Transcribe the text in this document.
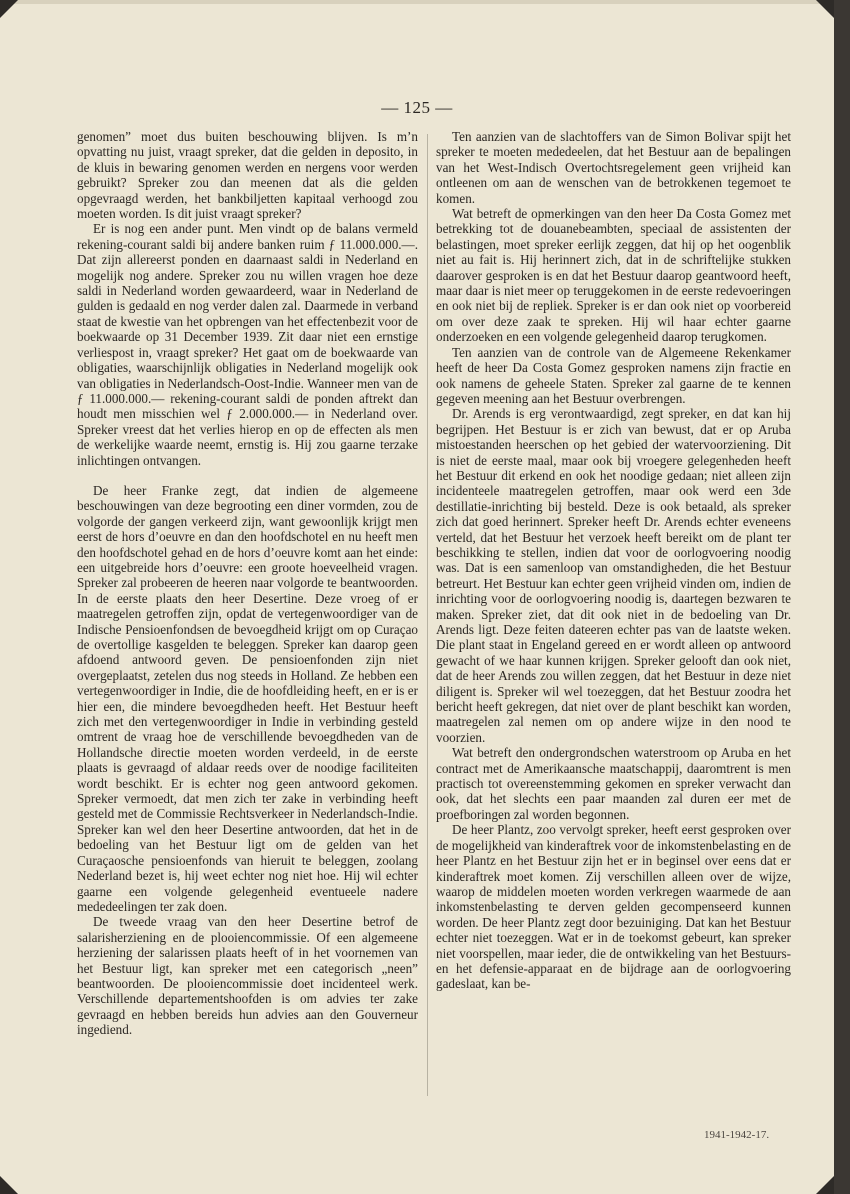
— 125 —

genomen” moet dus buiten beschouwing blijven. Is m’n opvatting nu juist, vraagt spreker, dat die gelden in deposito, in de kluis in bewaring genomen werden en nergens voor werden gebruikt? Spreker zou dan meenen dat als die gelden opgevraagd werden, het bankbiljetten kapitaal verhoogd zou moeten worden. Is dit juist vraagt spreker?

Er is nog een ander punt. Men vindt op de balans vermeld rekening-courant saldi bij andere banken ruim ƒ 11.000.000.—. Dat zijn allereerst ponden en daarnaast saldi in Nederland en mogelijk nog andere. Spreker zou nu willen vragen hoe deze saldi in Nederland worden gewaardeerd, waar in Nederland de gulden is gedaald en nog verder dalen zal. Daarmede in verband staat de kwestie van het opbrengen van het effectenbezit voor de boekwaarde op 31 December 1939. Zit daar niet een ernstige verliespost in, vraagt spreker? Het gaat om de boekwaarde van obligaties, waarschijnlijk obligaties in Nederland mogelijk ook van obligaties in Nederlandsch-Oost-Indie. Wanneer men van de ƒ 11.000.000.— rekening-courant saldi de ponden aftrekt dan houdt men misschien wel ƒ 2.000.000.— in Nederland over. Spreker vreest dat het verlies hierop en op de effecten als men de werkelijke waarde neemt, ernstig is. Hij zou gaarne terzake inlichtingen ontvangen.

De heer Franke zegt, dat indien de algemeene beschouwingen van deze begrooting een diner vormden, zou de volgorde der gangen verkeerd zijn, want gewoonlijk krijgt men eerst de hors d’oeuvre en dan den hoofdschotel en nu heeft men den hoofdschotel gehad en de hors d’oeuvre komt aan het einde: een uitgebreide hors d’oeuvre: een groote hoeveelheid vragen. Spreker zal probeeren de heeren naar volgorde te beantwoorden. In de eerste plaats den heer Desertine. Deze vroeg of er maatregelen getroffen zijn, opdat de vertegenwoordiger van de Indische Pensioenfondsen de bevoegdheid krijgt om op Curaçao de overtollige kasgelden te beleggen. Spreker kan daarop geen afdoend antwoord geven. De pensioenfonden zijn niet overgeplaatst, zetelen dus nog steeds in Holland. Ze hebben een vertegenwoordiger in Indie, die de hoofdleiding heeft, en er is er hier een, die mindere bevoegdheden heeft. Het Bestuur heeft zich met den vertegenwoordiger in Indie in verbinding gesteld omtrent de vraag hoe de verschillende bevoegdheden van de Hollandsche directie moeten worden verdeeld, in de eerste plaats is gevraagd of aldaar reeds over de noodige faciliteiten wordt beschikt. Er is echter nog geen antwoord gekomen. Spreker vermoedt, dat men zich ter zake in verbinding heeft gesteld met de Commissie Rechtsverkeer in Nederlandsch-Indie. Spreker kan wel den heer Desertine antwoorden, dat het in de bedoeling van het Bestuur ligt om de gelden van het Curaçaosche pensioenfonds van hieruit te beleggen, zoolang Nederland bezet is, hij weet echter nog niet hoe. Hij wil echter gaarne een volgende gelegenheid eventueele nadere mededeelingen ter zak doen.

De tweede vraag van den heer Desertine betrof de salarisherziening en de plooiencommissie. Of een algemeene herziening der salarissen plaats heeft of in het voornemen van het Bestuur ligt, kan spreker met een categorisch „neen” beantwoorden. De plooiencommissie doet incidenteel werk. Verschillende departementshoofden is om advies ter zake gevraagd en hebben bereids hun advies aan den Gouverneur ingediend.

Ten aanzien van de slachtoffers van de Simon Bolivar spijt het spreker te moeten mededeelen, dat het Bestuur aan de bepalingen van het West-Indisch Overtochtsregelement geen vrijheid kan ontleenen om aan de wenschen van de betrokkenen tegemoet te komen.

Wat betreft de opmerkingen van den heer Da Costa Gomez met betrekking tot de douanebeambten, speciaal de assistenten der belastingen, moet spreker eerlijk zeggen, dat hij op het oogenblik niet au fait is. Hij herinnert zich, dat in de schriftelijke stukken daarover gesproken is en dat het Bestuur daarop geantwoord heeft, maar daar is niet meer op teruggekomen in de eerste redevoeringen en ook niet bij de repliek. Spreker is er dan ook niet op voorbereid om over deze zaak te spreken. Hij wil haar echter gaarne onderzoeken en een volgende gelegenheid daarop terugkomen.

Ten aanzien van de controle van de Algemeene Rekenkamer heeft de heer Da Costa Gomez gesproken namens zijn fractie en ook namens de geheele Staten. Spreker zal gaarne de te kennen gegeven meening aan het Bestuur overbrengen.

Dr. Arends is erg verontwaardigd, zegt spreker, en dat kan hij begrijpen. Het Bestuur is er zich van bewust, dat er op Aruba mistoestanden heerschen op het gebied der watervoorziening. Dit is niet de eerste maal, maar ook bij vroegere gelegenheden heeft het Bestuur dit erkend en ook het noodige gedaan; niet alleen zijn incidenteele maatregelen getroffen, maar ook werd een 3de destillatie-inrichting bij besteld. Deze is ook betaald, als spreker zich dat goed herinnert. Spreker heeft Dr. Arends echter eveneens verteld, dat het Bestuur het verzoek heeft bereikt om de plant ter beschikking te stellen, indien dat voor de oorlogvoering noodig was. Dat is een samenloop van omstandigheden, die het Bestuur betreurt. Het Bestuur kan echter geen vrijheid vinden om, indien de inrichting voor de oorlogvoering noodig is, daartegen bezwaren te maken. Spreker ziet, dat dit ook niet in de bedoeling van Dr. Arends ligt. Deze feiten dateeren echter pas van de laatste weken. Die plant staat in Engeland gereed en er wordt alleen op antwoord gewacht of we haar kunnen krijgen. Spreker gelooft dan ook niet, dat de heer Arends zou willen zeggen, dat het Bestuur in deze niet diligent is. Spreker wil wel toezeggen, dat het Bestuur zoodra het bericht heeft gekregen, dat niet over de plant beschikt kan worden, maatregelen zal nemen om op andere wijze in den nood te voorzien.

Wat betreft den ondergrondschen waterstroom op Aruba en het contract met de Amerikaansche maatschappij, daaromtrent is men practisch tot overeenstemming gekomen en spreker verwacht dan ook, dat het slechts een paar maanden zal duren eer met de proefboringen zal worden begonnen.

De heer Plantz, zoo vervolgt spreker, heeft eerst gesproken over de mogelijkheid van kinderaftrek voor de inkomstenbelasting en de heer Plantz en het Bestuur zijn het er in beginsel over eens dat er kinderaftrek moet komen. Zij verschillen alleen over de wijze, waarop de middelen moeten worden verkregen waarmede de aan inkomstenbelasting te derven gelden gecompenseerd kunnen worden. De heer Plantz zegt door bezuiniging. Dat kan het Bestuur echter niet toezeggen. Wat er in de toekomst gebeurt, kan spreker niet voorspellen, maar ieder, die de ontwikkeling van het Bestuurs- en het defensie-apparaat en de bijdrage aan de oorlogvoering gadeslaat, kan be-

1941-1942-17.
